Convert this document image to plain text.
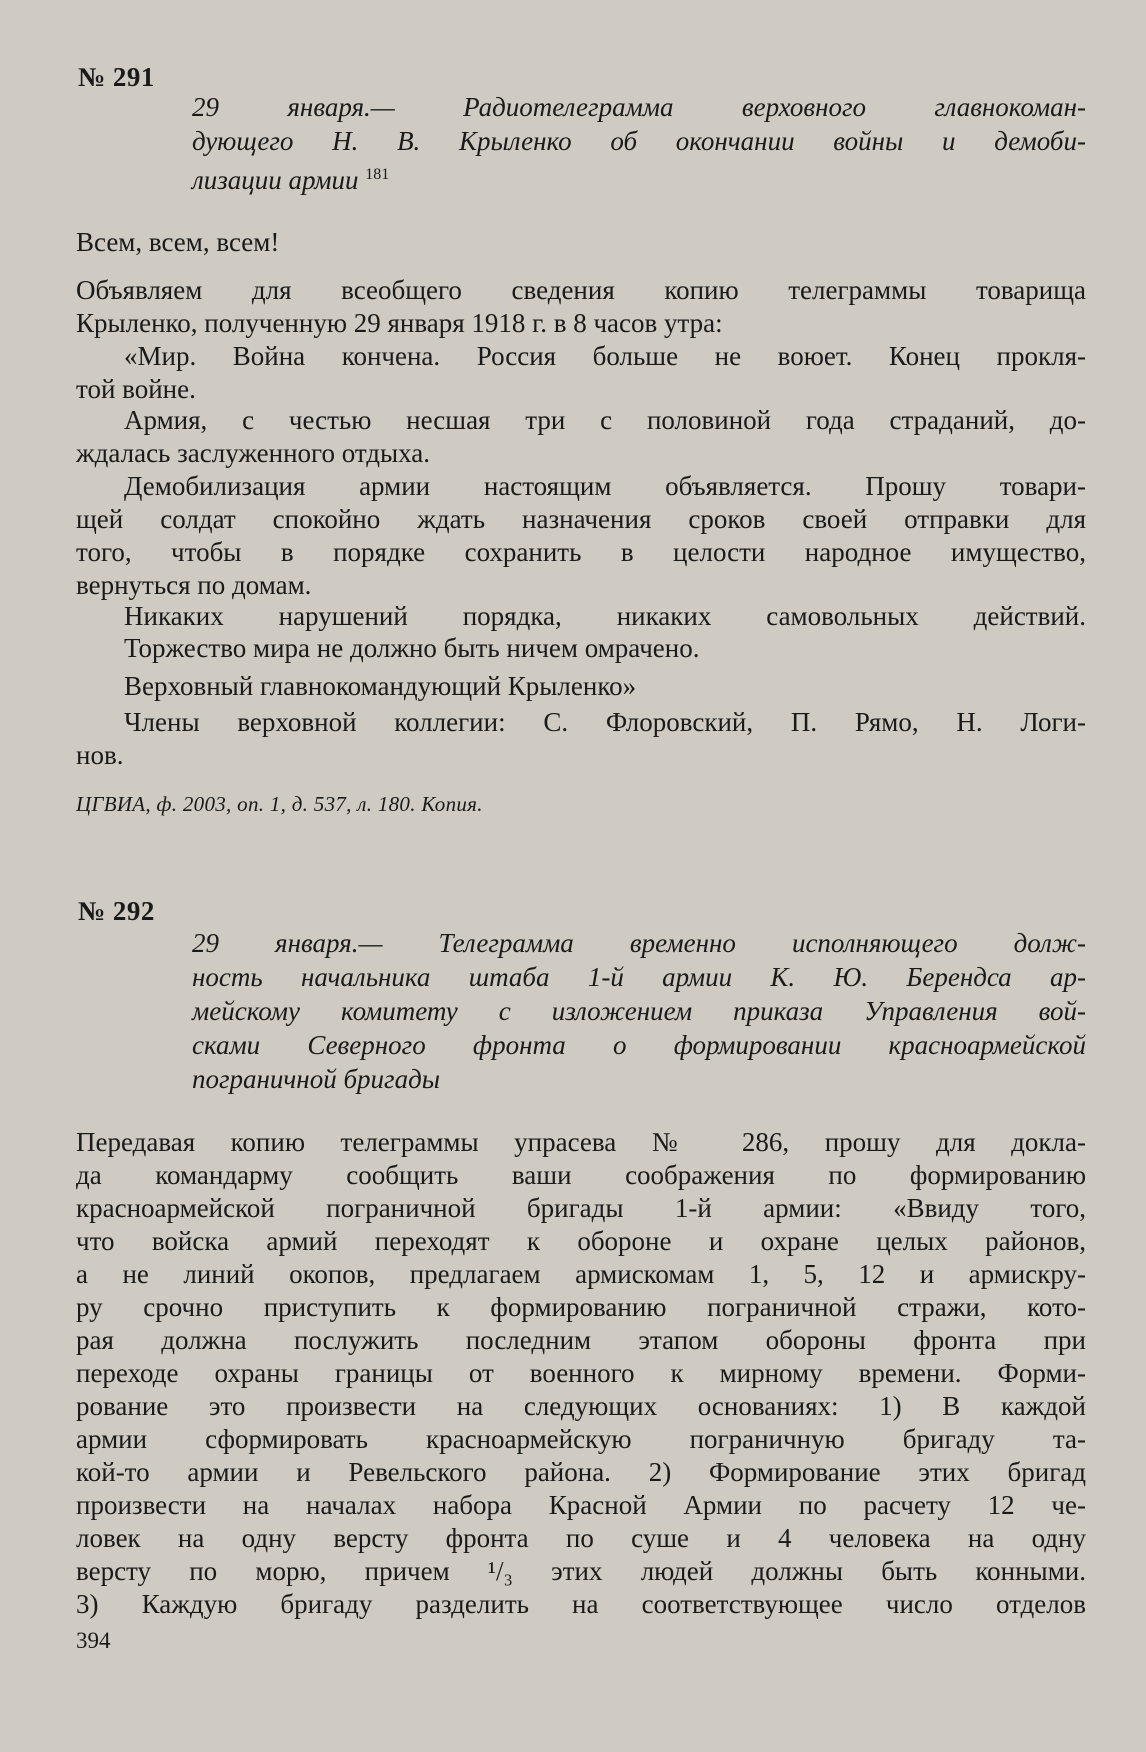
№ 291
29 января.— Радиотелеграмма верховного главнокоман-
дующего Н. В. Крыленко об окончании войны и демоби-
лизации армии $^{181}$
Всем, всем, всем!
Объявляем для всеобщего сведения копию телеграммы товарища
Крыленко, полученную 29 января 1918 г. в 8 часов утра:
«Мир. Война кончена. Россия больше не воюет. Конец прокля-
той войне.
Армия, с честью несшая три с половиной года страданий, до-
ждалась заслуженного отдыха.
Демобилизация армии настоящим объявляется. Прошу товари-
щей солдат спокойно ждать назначения сроков своей отправки для
того, чтобы в порядке сохранить в целости народное имущество,
вернуться по домам.
Никаких нарушений порядка, никаких самовольных действий.
Торжество мира не должно быть ничем омрачено.
Верховный главнокомандующий Крыленко»
Члены верховной коллегии: С. Флоровский, П. Рямо, Н. Логи-
нов.
ЦГВИА, ф. 2003, оп. 1, д. 537, л. 180. Копия.
№ 292
29 января.— Телеграмма временно исполняющего долж-
ность начальника штаба 1-й армии К. Ю. Берендса ар-
мейскому комитету с изложением приказа Управления вой-
сками Северного фронта о формировании красноармейской
пограничной бригады
Передавая копию телеграммы упрасева № 286, прошу для докла-
да командарму сообщить ваши соображения по формированию
красноармейской пограничной бригады 1-й армии: «Ввиду того,
что войска армий переходят к обороне и охране целых районов,
а не линий окопов, предлагаем армискомам 1, 5, 12 и армискру-
ру срочно приступить к формированию пограничной стражи, кото-
рая должна послужить последним этапом обороны фронта при
переходе охраны границы от военного к мирному времени. Форми-
рование это произвести на следующих основаниях: 1) В каждой
армии сформировать красноармейскую пограничную бригаду та-
кой-то армии и Ревельского района. 2) Формирование этих бригад
произвести на началах набора Красной Армии по расчету 12 че-
ловек на одну версту фронта по суше и 4 человека на одну
версту по морю, причем ¹/₃ этих людей должны быть конными.
3) Каждую бригаду разделить на соответствующее число отделов
394
